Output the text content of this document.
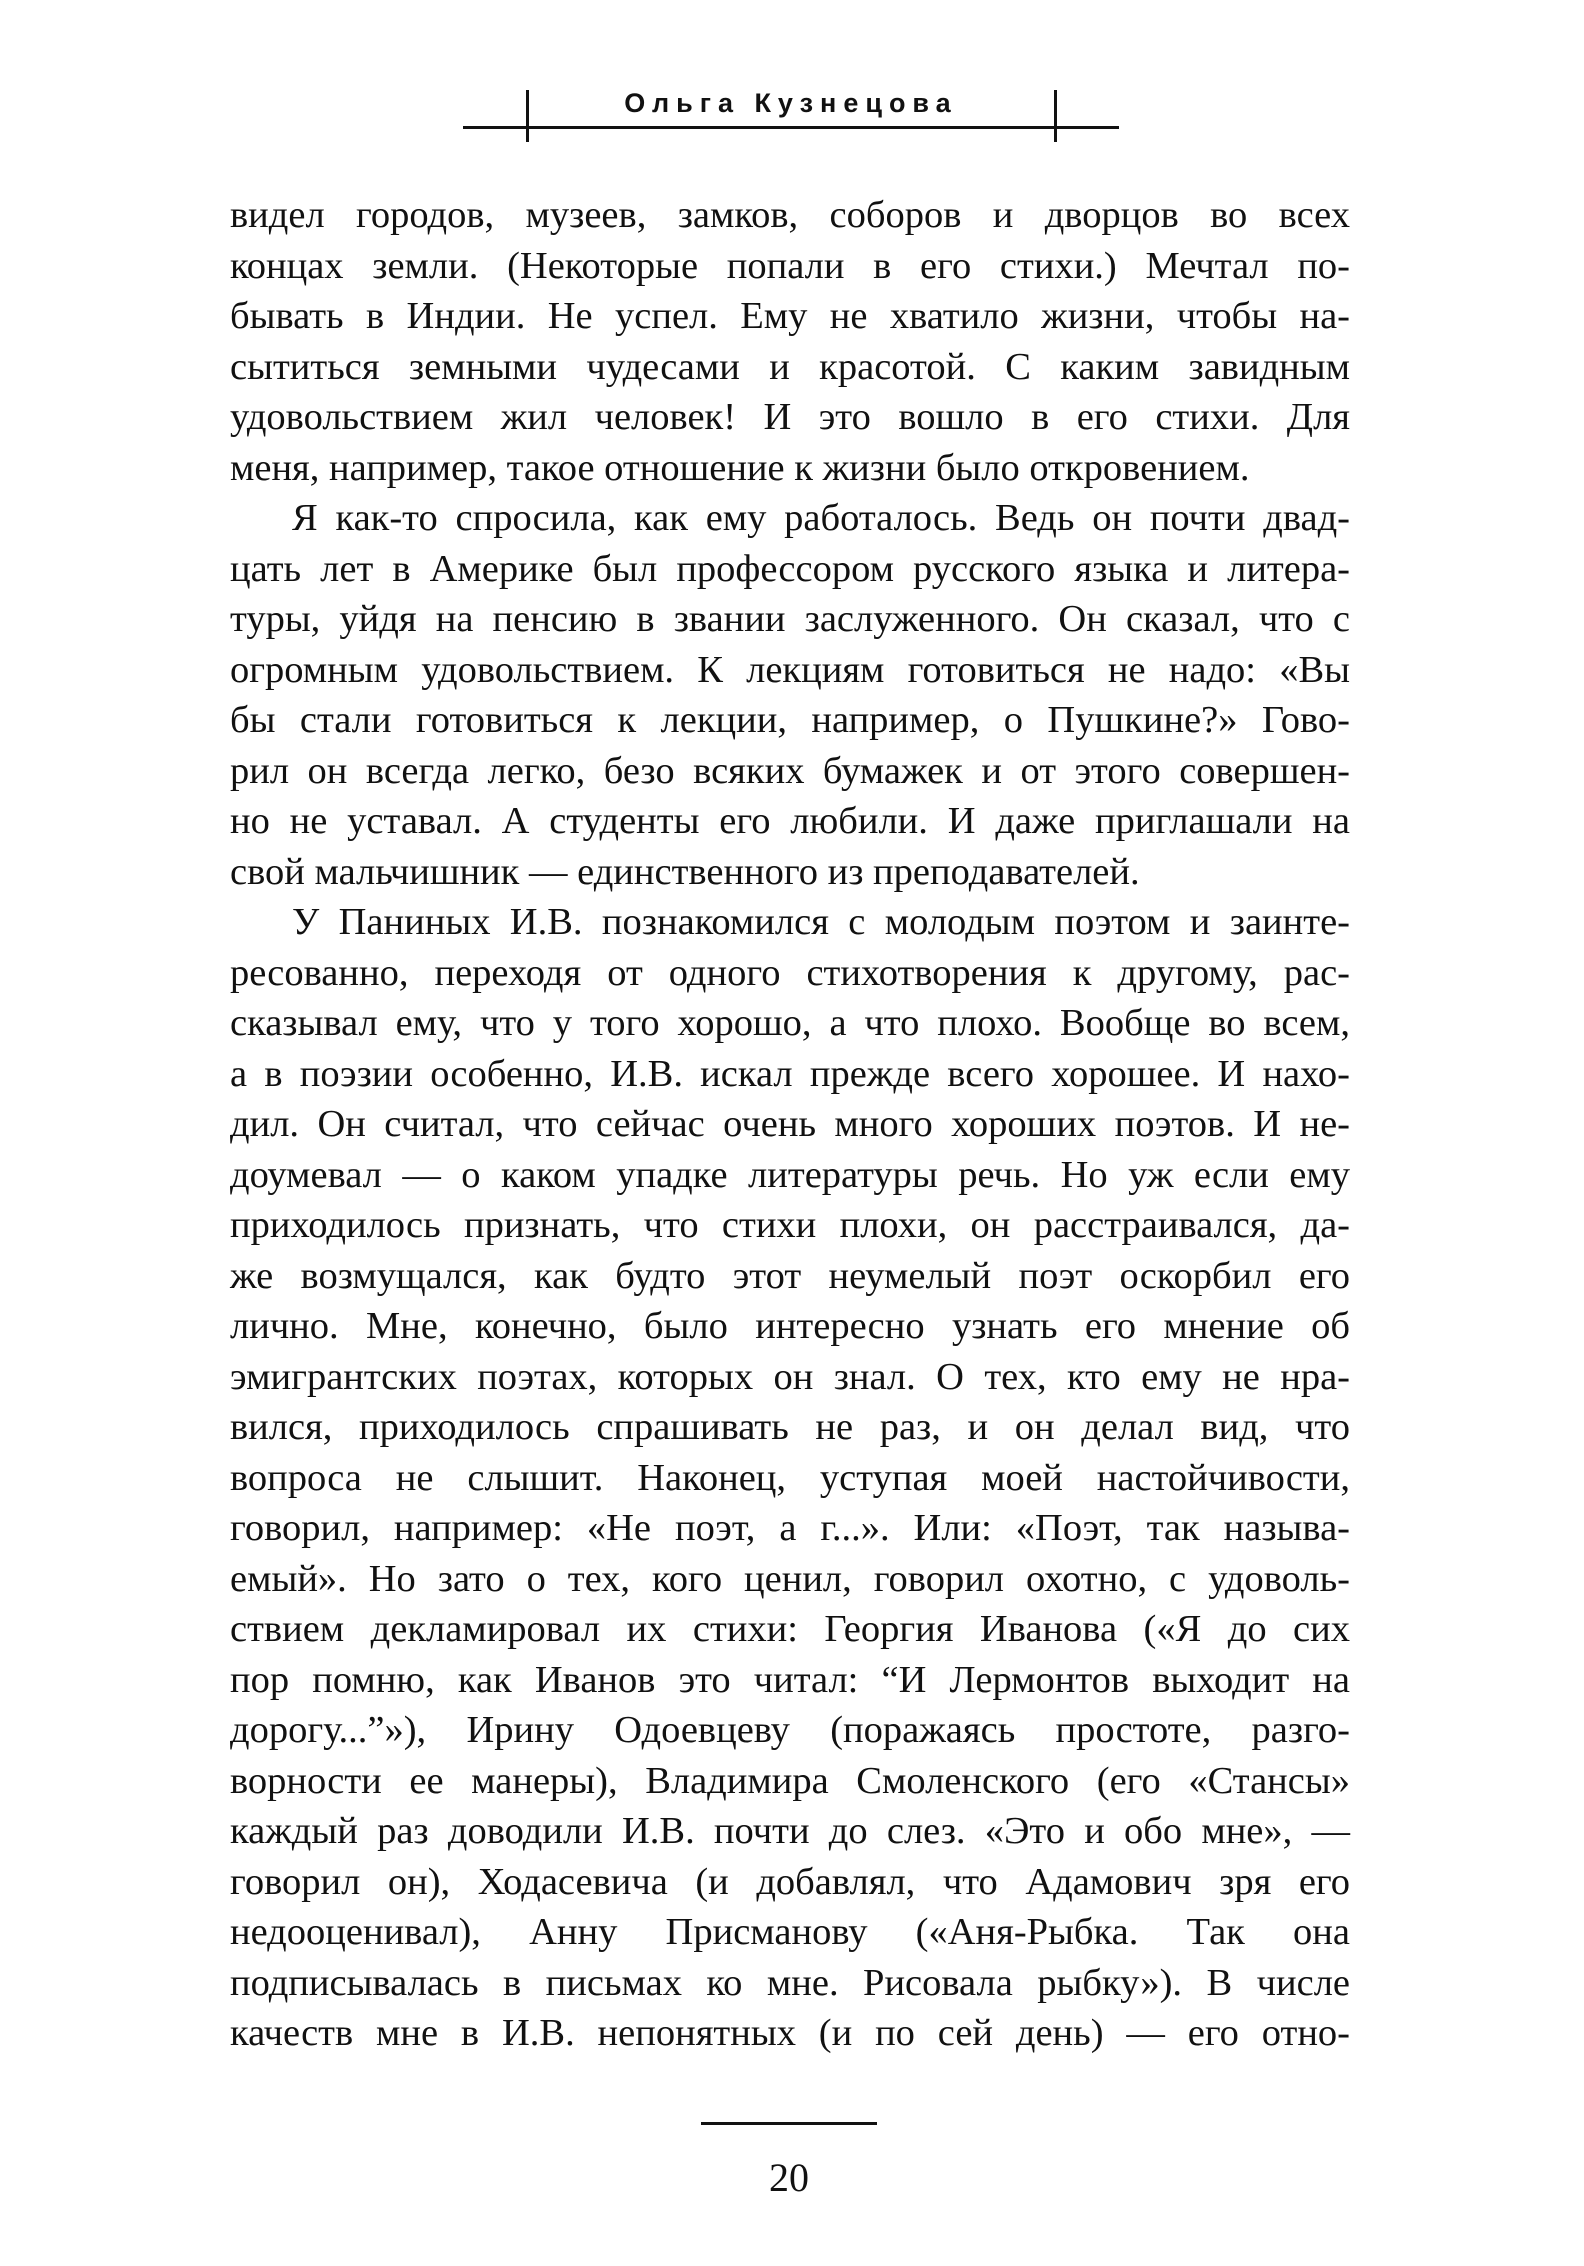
Ольга Кузнецова
видел городов, музеев, замков, соборов и дворцов во всех
концах земли. (Некоторые попали в его стихи.) Мечтал по-
бывать в Индии. Не успел. Ему не хватило жизни, чтобы на-
сытиться земными чудесами и красотой. С каким завидным
удовольствием жил человек! И это вошло в его стихи. Для
меня, например, такое отношение к жизни было откровением.
Я как-то спросила, как ему работалось. Ведь он почти двад-
цать лет в Америке был профессором русского языка и литера-
туры, уйдя на пенсию в звании заслуженного. Он сказал, что с
огромным удовольствием. К лекциям готовиться не надо: «Вы
бы стали готовиться к лекции, например, о Пушкине?» Гово-
рил он всегда легко, безо всяких бумажек и от этого совершен-
но не уставал. А студенты его любили. И даже приглашали на
свой мальчишник — единственного из преподавателей.
У Паниных И.В. познакомился с молодым поэтом и заинте-
ресованно, переходя от одного стихотворения к другому, рас-
сказывал ему, что у того хорошо, а что плохо. Вообще во всем,
а в поэзии особенно, И.В. искал прежде всего хорошее. И нахо-
дил. Он считал, что сейчас очень много хороших поэтов. И не-
доумевал — о каком упадке литературы речь. Но уж если ему
приходилось признать, что стихи плохи, он расстраивался, да-
же возмущался, как будто этот неумелый поэт оскорбил его
лично. Мне, конечно, было интересно узнать его мнение об
эмигрантских поэтах, которых он знал. О тех, кто ему не нра-
вился, приходилось спрашивать не раз, и он делал вид, что
вопроса не слышит. Наконец, уступая моей настойчивости,
говорил, например: «Не поэт, а г...». Или: «Поэт, так называ-
емый». Но зато о тех, кого ценил, говорил охотно, с удоволь-
ствием декламировал их стихи: Георгия Иванова («Я до сих
пор помню, как Иванов это читал: “И Лермонтов выходит на
дорогу...”»), Ирину Одоевцеву (поражаясь простоте, разго-
ворности ее манеры), Владимира Смоленского (его «Стансы»
каждый раз доводили И.В. почти до слез. «Это и обо мне», —
говорил он), Ходасевича (и добавлял, что Адамович зря его
недооценивал), Анну Присманову («Аня-Рыбка. Так она
подписывалась в письмах ко мне. Рисовала рыбку»). В числе
качеств мне в И.В. непонятных (и по сей день) — его отно-
20
